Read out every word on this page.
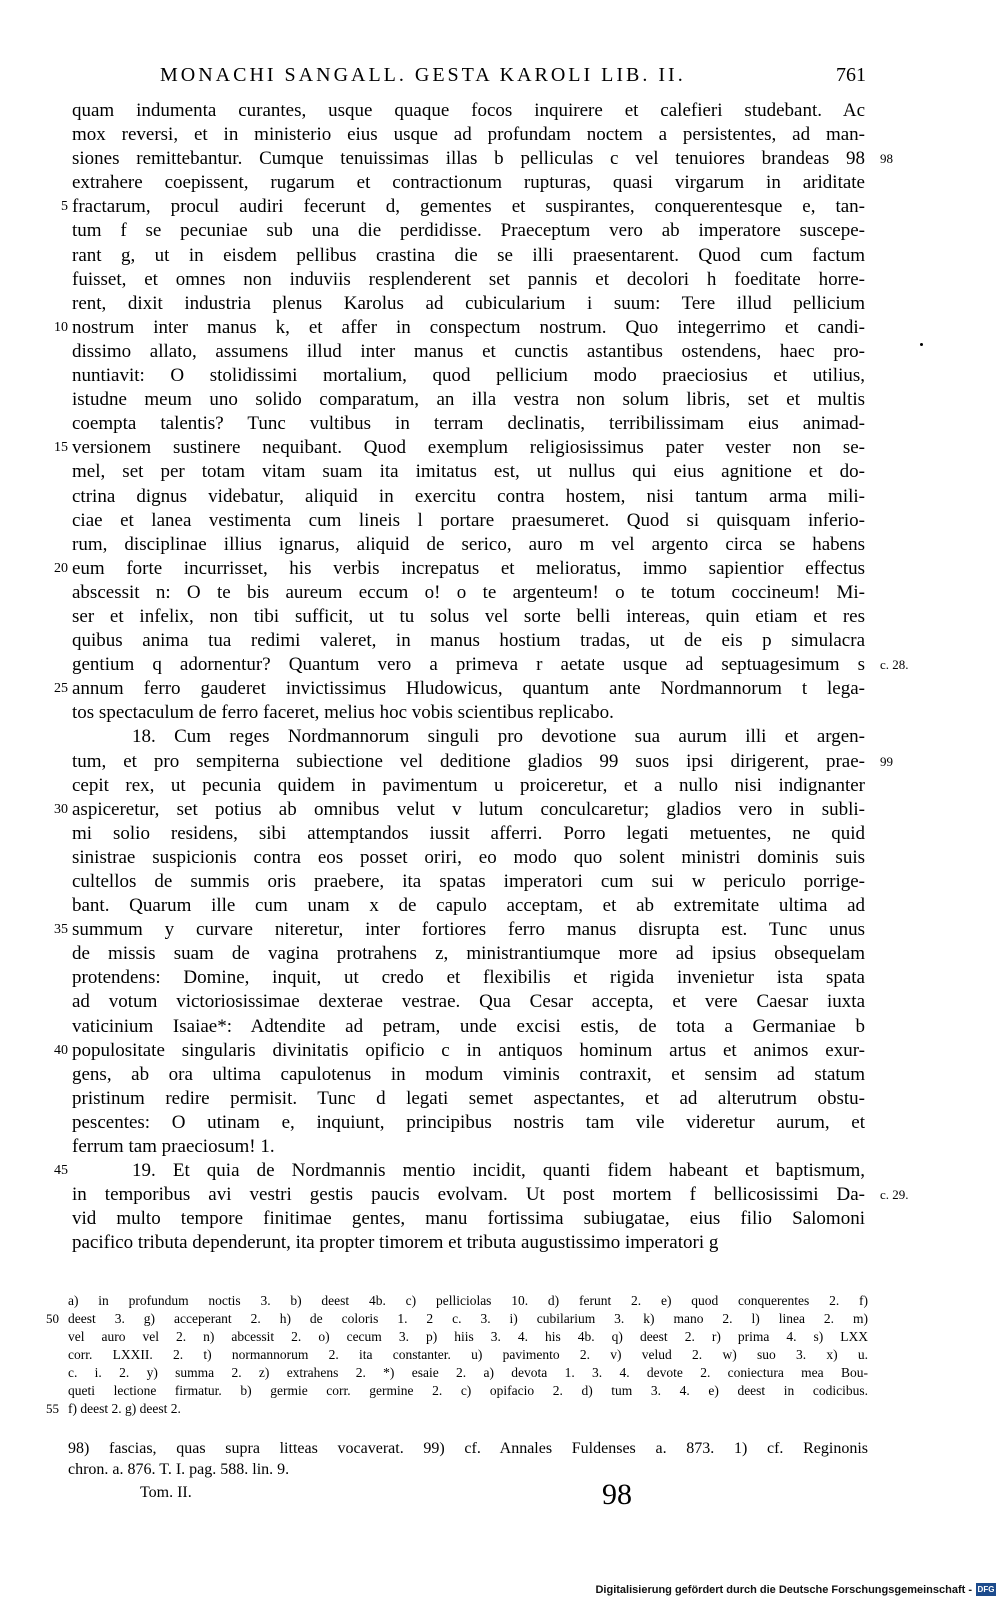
MONACHI SANGALL. GESTA KAROLI LIB. II.	761
quam indumenta curantes, usque quaque focos inquirere et calefieri studebant. Ac
mox reversi, et in ministerio eius usque ad profundam noctem a persistentes, ad man-
siones remittebantur. Cumque tenuissimas illas b pelliculas c vel tenuiores brandeas 98 98
extrahere coepissent, rugarum et contractionum rupturas, quasi virgarum in ariditate
fractarum, procul audiri fecerunt d, gementes et suspirantes, conquerentesque e, tan-
5
tum f se pecuniae sub una die perdidisse. Praeceptum vero ab imperatore suscepe-
rant g, ut in eisdem pellibus crastina die se illi praesentarent. Quod cum factum
fuisset, et omnes non induviis resplenderent set pannis et decolori h foeditate horre-
rent, dixit industria plenus Karolus ad cubicularium i suum: Tere illud pellicium
nostrum inter manus k, et affer in conspectum nostrum. Quo integerrimo et candi-
10
dissimo allato, assumens illud inter manus et cunctis astantibus ostendens, haec pro-
nuntiavit: O stolidissimi mortalium, quod pellicium modo praeciosius et utilius,
istudne meum uno solido comparatum, an illa vestra non solum libris, set et multis
coempta talentis? Tunc vultibus in terram declinatis, terribilissimam eius animad-
versionem sustinere nequibant. Quod exemplum religiosissimus pater vester non se-
15
mel, set per totam vitam suam ita imitatus est, ut nullus qui eius agnitione et do-
ctrina dignus videbatur, aliquid in exercitu contra hostem, nisi tantum arma mili-
ciae et lanea vestimenta cum lineis l portare praesumeret. Quod si quisquam inferio-
rum, disciplinae illius ignarus, aliquid de serico, auro m vel argento circa se habens
eum forte incurrisset, his verbis increpatus et melioratus, immo sapientior effectus
20
abscessit n: O te bis aureum eccum o! o te argenteum! o te totum coccineum! Mi-
ser et infelix, non tibi sufficit, ut tu solus vel sorte belli intereas, quin etiam et res
quibus anima tua redimi valeret, in manus hostium tradas, ut de eis p simulacra
gentium q adornentur? Quantum vero a primeva r aetate usque ad septuagesimum s c. 28.
annum ferro gauderet invictissimus Hludowicus, quantum ante Nordmannorum t lega-
25
tos spectaculum de ferro faceret, melius hoc vobis scientibus replicabo.
18. Cum reges Nordmannorum singuli pro devotione sua aurum illi et argen-
tum, et pro sempiterna subiectione vel deditione gladios 99 suos ipsi dirigerent, prae- 99
cepit rex, ut pecunia quidem in pavimentum u proiceretur, et a nullo nisi indignanter
aspiceretur, set potius ab omnibus velut v lutum conculcaretur; gladios vero in subli-
30
mi solio residens, sibi attemptandos iussit afferri. Porro legati metuentes, ne quid
sinistrae suspicionis contra eos posset oriri, eo modo quo solent ministri dominis suis
cultellos de summis oris praebere, ita spatas imperatori cum sui w periculo porrige-
bant. Quarum ille cum unam x de capulo acceptam, et ab extremitate ultima ad
summum y curvare niteretur, inter fortiores ferro manus disrupta est. Tunc unus
35
de missis suam de vagina protrahens z, ministrantiumque more ad ipsius obsequelam
protendens: Domine, inquit, ut credo et flexibilis et rigida invenietur ista spata
ad votum victoriosissimae dexterae vestrae. Qua Cesar accepta, et vere Caesar iuxta
vaticinium Isaiae*: Adtendite ad petram, unde excisi estis, de tota a Germaniae b
populositate singularis divinitatis opificio c in antiquos hominum artus et animos exur-
40
gens, ab ora ultima capulotenus in modum viminis contraxit, et sensim ad statum
pristinum redire permisit. Tunc d legati semet aspectantes, et ad alterutrum obstu-
pescentes: O utinam e, inquiunt, principibus nostris tam vile videretur aurum, et
ferrum tam praeciosum! 1.
19. Et quia de Nordmannis mentio incidit, quanti fidem habeant et baptismum,
45
in temporibus avi vestri gestis paucis evolvam. Ut post mortem f bellicosissimi Da- c. 29.
vid multo tempore finitimae gentes, manu fortissima subiugatae, eius filio Salomoni
pacifico tributa dependerunt, ita propter timorem et tributa augustissimo imperatori g
a) in profundum noctis 3. b) deest 4b. c) pelliciolas 10. d) ferunt 2. e) quod conquerentes 2. f)
deest 3. g) acceperant 2. h) de coloris 1. 2 c. 3. i) cubilarium 3. k) mano 2. l) linea 2. m)
50
vel auro vel 2. n) abcessit 2. o) cecum 3. p) hiis 3. 4. his 4b. q) deest 2. r) prima 4. s) LXX
corr. LXXII. 2. t) normannorum 2. ita constanter. u) pavimento 2. v) velud 2. w) suo 3. x) u.
c. i. 2. y) summa 2. z) extrahens 2. *) esaie 2. a) devota 1. 3. 4. devote 2. coniectura mea Bou-
queti lectione firmatur. b) germie corr. germine 2. c) opifacio 2. d) tum 3. 4. e) deest in codicibus.
f) deest 2. g) deest 2.
55
98) fascias, quas supra litteas vocaverat. 99) cf. Annales Fuldenses a. 873. 1) cf. Reginonis
chron. a. 876. T. I. pag. 588. lin. 9.
Tom. II.	98
Digitalisierung gefördert durch die Deutsche Forschungsgemeinschaft - DFG
